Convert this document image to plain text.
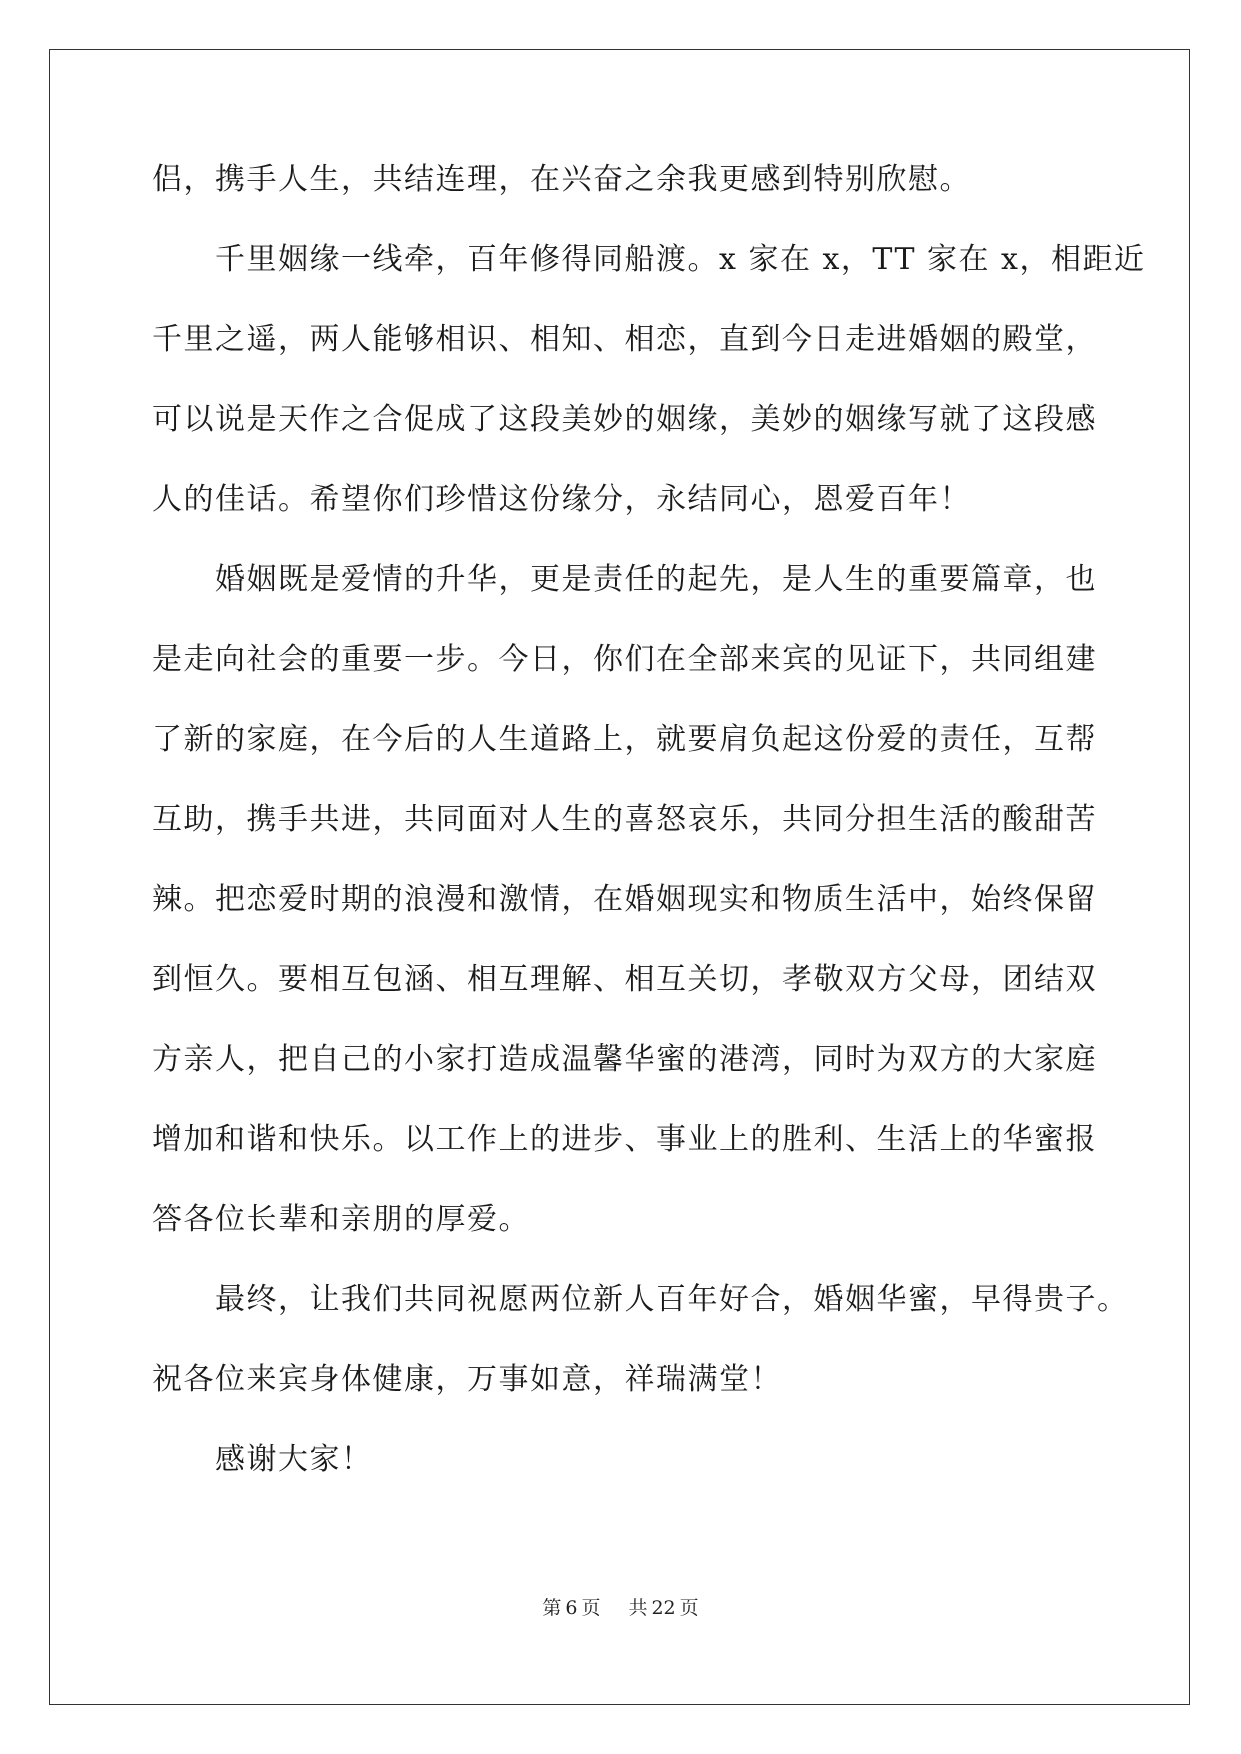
侣，携手人生，共结连理，在兴奋之余我更感到特别欣慰。
千里姻缘一线牵，百年修得同船渡。x 家在 x，TT 家在 x，相距近
千里之遥，两人能够相识、相知、相恋，直到今日走进婚姻的殿堂，
可以说是天作之合促成了这段美妙的姻缘，美妙的姻缘写就了这段感
人的佳话。希望你们珍惜这份缘分，永结同心，恩爱百年！
婚姻既是爱情的升华，更是责任的起先，是人生的重要篇章，也
是走向社会的重要一步。今日，你们在全部来宾的见证下，共同组建
了新的家庭，在今后的人生道路上，就要肩负起这份爱的责任，互帮
互助，携手共进，共同面对人生的喜怒哀乐，共同分担生活的酸甜苦
辣。把恋爱时期的浪漫和激情，在婚姻现实和物质生活中，始终保留
到恒久。要相互包涵、相互理解、相互关切，孝敬双方父母，团结双
方亲人，把自己的小家打造成温馨华蜜的港湾，同时为双方的大家庭
增加和谐和快乐。以工作上的进步、事业上的胜利、生活上的华蜜报
答各位长辈和亲朋的厚爱。
最终，让我们共同祝愿两位新人百年好合，婚姻华蜜，早得贵子。
祝各位来宾身体健康，万事如意，祥瑞满堂！
感谢大家！
第 6 页 共 22 页
